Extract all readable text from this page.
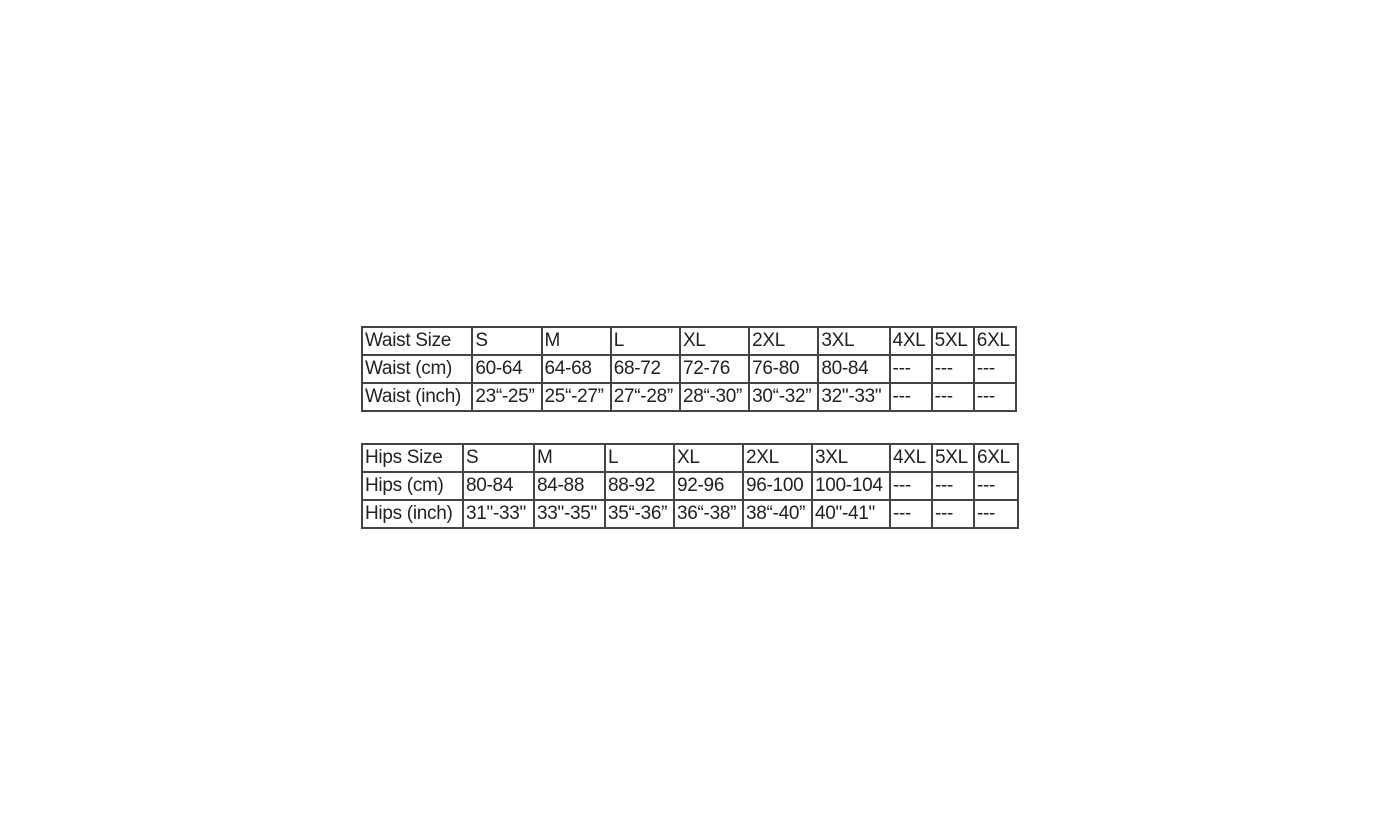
Waist Size	S	M	L	XL	2XL	3XL	4XL	5XL	6XL
Waist (cm)	60-64	64-68	68-72	72-76	76-80	80-84	---	---	---
Waist (inch)	23“-25”	25“-27”	27“-28”	28“-30”	30“-32”	32"-33"	---	---	---
Hips Size	S	M	L	XL	2XL	3XL	4XL	5XL	6XL
Hips (cm)	80-84	84-88	88-92	92-96	96-100	100-104	---	---	---
Hips (inch)	31"-33"	33"-35"	35“-36”	36“-38”	38“-40”	40"-41"	---	---	---
